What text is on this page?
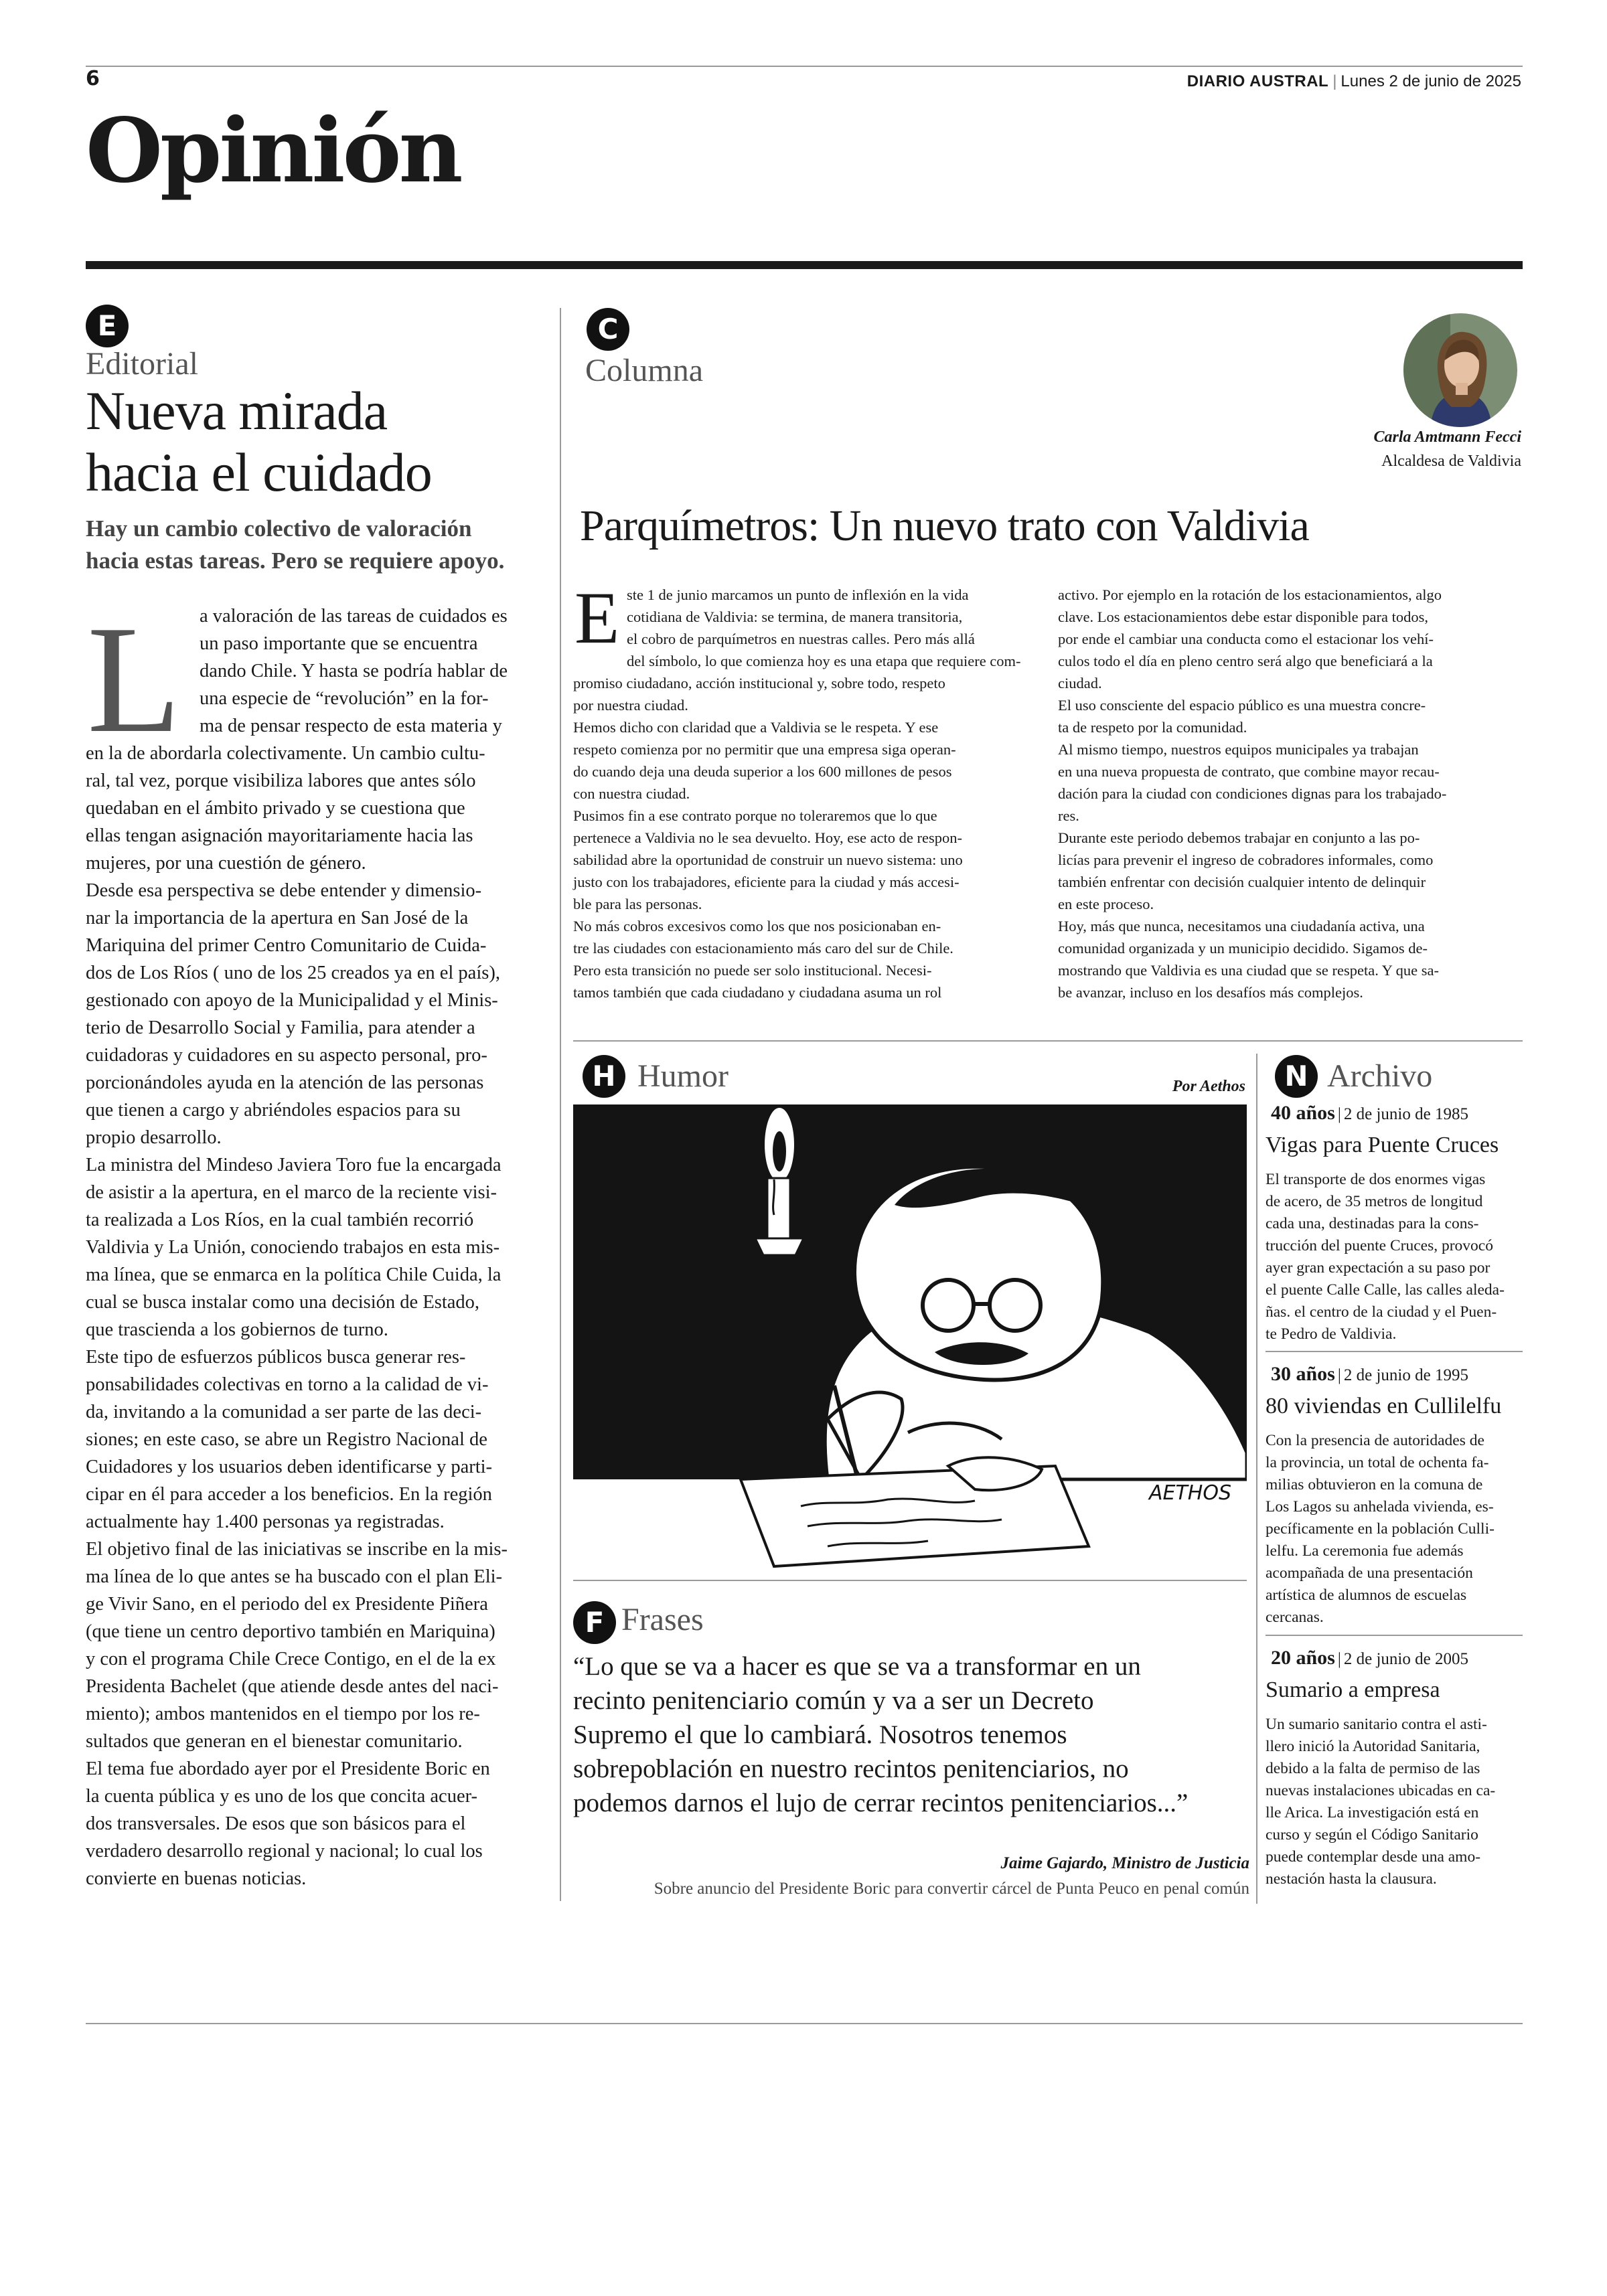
6	DIARIO AUSTRAL | Lunes 2 de junio de 2025
Opinión
E
Editorial
Nueva mirada
hacia el cuidado
Hay un cambio colectivo de valoración
hacia estas tareas. Pero se requiere apoyo.
L a valoración de las tareas de cuidados es
un paso importante que se encuentra
dando Chile. Y hasta se podría hablar de
una especie de “revolución” en la for-
ma de pensar respecto de esta materia y
en la de abordarla colectivamente. Un cambio cultu-
ral, tal vez, porque visibiliza labores que antes sólo
quedaban en el ámbito privado y se cuestiona que
ellas tengan asignación mayoritariamente hacia las
mujeres, por una cuestión de género.
Desde esa perspectiva se debe entender y dimensio-
nar la importancia de la apertura en San José de la
Mariquina del primer Centro Comunitario de Cuida-
dos de Los Ríos ( uno de los 25 creados ya en el país),
gestionado con apoyo de la Municipalidad y el Minis-
terio de Desarrollo Social y Familia, para atender a
cuidadoras y cuidadores en su aspecto personal, pro-
porcionándoles ayuda en la atención de las personas
que tienen a cargo y abriéndoles espacios para su
propio desarrollo.
La ministra del Mindeso Javiera Toro fue la encargada
de asistir a la apertura, en el marco de la reciente visi-
ta realizada a Los Ríos, en la cual también recorrió
Valdivia y La Unión, conociendo trabajos en esta mis-
ma línea, que se enmarca en la política Chile Cuida, la
cual se busca instalar como una decisión de Estado,
que trascienda a los gobiernos de turno.
Este tipo de esfuerzos públicos busca generar res-
ponsabilidades colectivas en torno a la calidad de vi-
da, invitando a la comunidad a ser parte de las deci-
siones; en este caso, se abre un Registro Nacional de
Cuidadores y los usuarios deben identificarse y parti-
cipar en él para acceder a los beneficios. En la región
actualmente hay 1.400 personas ya registradas.
El objetivo final de las iniciativas se inscribe en la mis-
ma línea de lo que antes se ha buscado con el plan Eli-
ge Vivir Sano, en el periodo del ex Presidente Piñera
(que tiene un centro deportivo también en Mariquina)
y con el programa Chile Crece Contigo, en el de la ex
Presidenta Bachelet (que atiende desde antes del naci-
miento); ambos mantenidos en el tiempo por los re-
sultados que generan en el bienestar comunitario.
El tema fue abordado ayer por el Presidente Boric en
la cuenta pública y es uno de los que concita acuer-
dos transversales. De esos que son básicos para el
verdadero desarrollo regional y nacional; lo cual los
convierte en buenas noticias.
C
Columna
Carla Amtmann Fecci
Alcaldesa de Valdivia
Parquímetros: Un nuevo trato con Valdivia
E ste 1 de junio marcamos un punto de inflexión en la vida
cotidiana de Valdivia: se termina, de manera transitoria,
el cobro de parquímetros en nuestras calles. Pero más allá
del símbolo, lo que comienza hoy es una etapa que requiere com-
promiso ciudadano, acción institucional y, sobre todo, respeto
por nuestra ciudad.
Hemos dicho con claridad que a Valdivia se le respeta. Y ese
respeto comienza por no permitir que una empresa siga operan-
do cuando deja una deuda superior a los 600 millones de pesos
con nuestra ciudad.
Pusimos fin a ese contrato porque no toleraremos que lo que
pertenece a Valdivia no le sea devuelto. Hoy, ese acto de respon-
sabilidad abre la oportunidad de construir un nuevo sistema: uno
justo con los trabajadores, eficiente para la ciudad y más accesi-
ble para las personas.
No más cobros excesivos como los que nos posicionaban en-
tre las ciudades con estacionamiento más caro del sur de Chile.
Pero esta transición no puede ser solo institucional. Necesi-
tamos también que cada ciudadano y ciudadana asuma un rol
activo. Por ejemplo en la rotación de los estacionamientos, algo
clave. Los estacionamientos debe estar disponible para todos,
por ende el cambiar una conducta como el estacionar los vehí-
culos todo el día en pleno centro será algo que beneficiará a la
ciudad.
El uso consciente del espacio público es una muestra concre-
ta de respeto por la comunidad.
Al mismo tiempo, nuestros equipos municipales ya trabajan
en una nueva propuesta de contrato, que combine mayor recau-
dación para la ciudad con condiciones dignas para los trabajado-
res.
Durante este periodo debemos trabajar en conjunto a las po-
licías para prevenir el ingreso de cobradores informales, como
también enfrentar con decisión cualquier intento de delinquir
en este proceso.
Hoy, más que nunca, necesitamos una ciudadanía activa, una
comunidad organizada y un municipio decidido. Sigamos de-
mostrando que Valdivia es una ciudad que se respeta. Y que sa-
be avanzar, incluso en los desafíos más complejos.
H Humor	Por Aethos
AETHOS
F Frases
“Lo que se va a hacer es que se va a transformar en un
recinto penitenciario común y va a ser un Decreto
Supremo el que lo cambiará. Nosotros tenemos
sobrepoblación en nuestro recintos penitenciarios, no
podemos darnos el lujo de cerrar recintos penitenciarios...”
Jaime Gajardo, Ministro de Justicia
Sobre anuncio del Presidente Boric para convertir cárcel de Punta Peuco en penal común
N Archivo
40 años | 2 de junio de 1985
Vigas para Puente Cruces
El transporte de dos enormes vigas
de acero, de 35 metros de longitud
cada una, destinadas para la cons-
trucción del puente Cruces, provocó
ayer gran expectación a su paso por
el puente Calle Calle, las calles aleda-
ñas. el centro de la ciudad y el Puen-
te Pedro de Valdivia.
30 años | 2 de junio de 1995
80 viviendas en Cullilelfu
Con la presencia de autoridades de
la provincia, un total de ochenta fa-
milias obtuvieron en la comuna de
Los Lagos su anhelada vivienda, es-
pecíficamente en la población Culli-
lelfu. La ceremonia fue además
acompañada de una presentación
artística de alumnos de escuelas
cercanas.
20 años | 2 de junio de 2005
Sumario a empresa
Un sumario sanitario contra el asti-
llero inició la Autoridad Sanitaria,
debido a la falta de permiso de las
nuevas instalaciones ubicadas en ca-
lle Arica. La investigación está en
curso y según el Código Sanitario
puede contemplar desde una amo-
nestación hasta la clausura.
